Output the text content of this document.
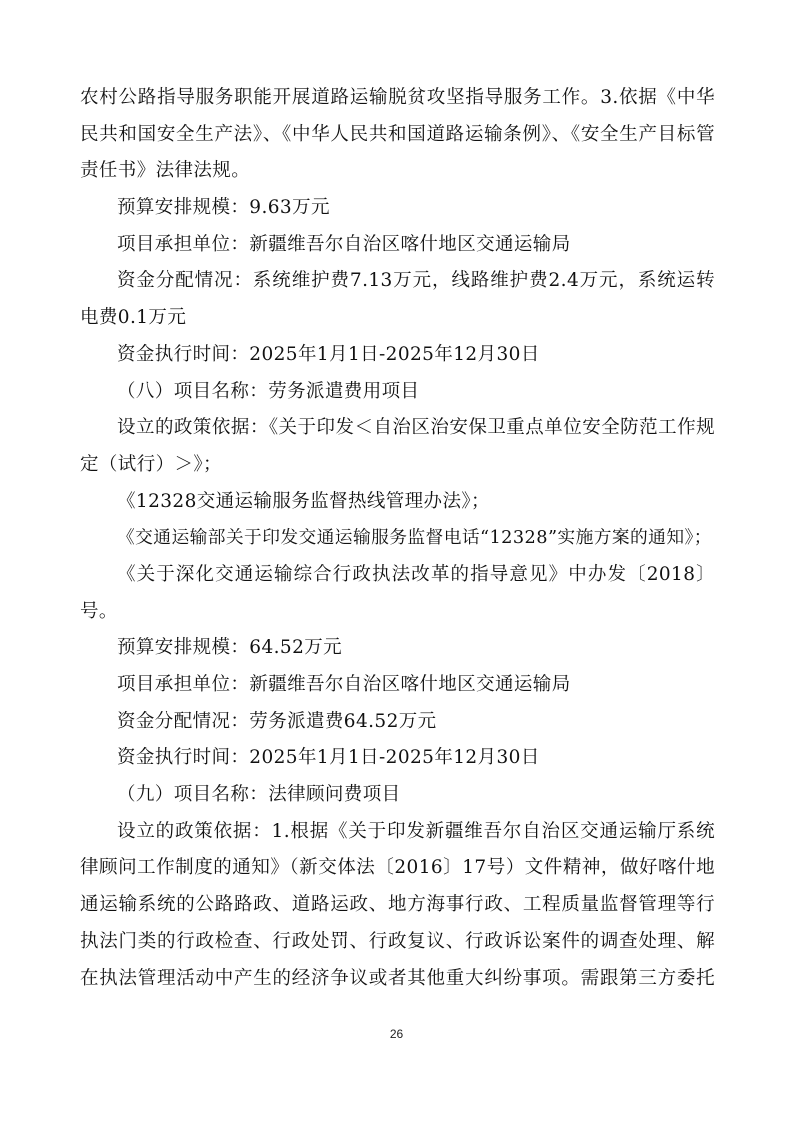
农村公路指导服务职能开展道路运输脱贫攻坚指导服务工作。3.依据《中华
民共和国安全生产法》、《中华人民共和国道路运输条例》、《安全生产目标管
责任书》法律法规。
预算安排规模：9.63万元
项目承担单位：新疆维吾尔自治区喀什地区交通运输局
资金分配情况：系统维护费7.13万元，线路维护费2.4万元，系统运转
电费0.1万元
资金执行时间：2025年1月1日-2025年12月30日
（八）项目名称：劳务派遣费用项目
设立的政策依据：《关于印发＜自治区治安保卫重点单位安全防范工作规
定（试行）＞》；
《12328交通运输服务监督热线管理办法》；
《交通运输部关于印发交通运输服务监督电话“12328”实施方案的通知》；
《关于深化交通运输综合行政执法改革的指导意见》中办发〔2018〕
号。
预算安排规模：64.52万元
项目承担单位：新疆维吾尔自治区喀什地区交通运输局
资金分配情况：劳务派遣费64.52万元
资金执行时间：2025年1月1日-2025年12月30日
（九）项目名称：法律顾问费项目
设立的政策依据：1.根据《关于印发新疆维吾尔自治区交通运输厅系统
律顾问工作制度的通知》（新交体法〔2016〕17号）文件精神，做好喀什地
通运输系统的公路路政、道路运政、地方海事行政、工程质量监督管理等行
执法门类的行政检查、行政处罚、行政复议、行政诉讼案件的调查处理、解
在执法管理活动中产生的经济争议或者其他重大纠纷事项。需跟第三方委托
26
